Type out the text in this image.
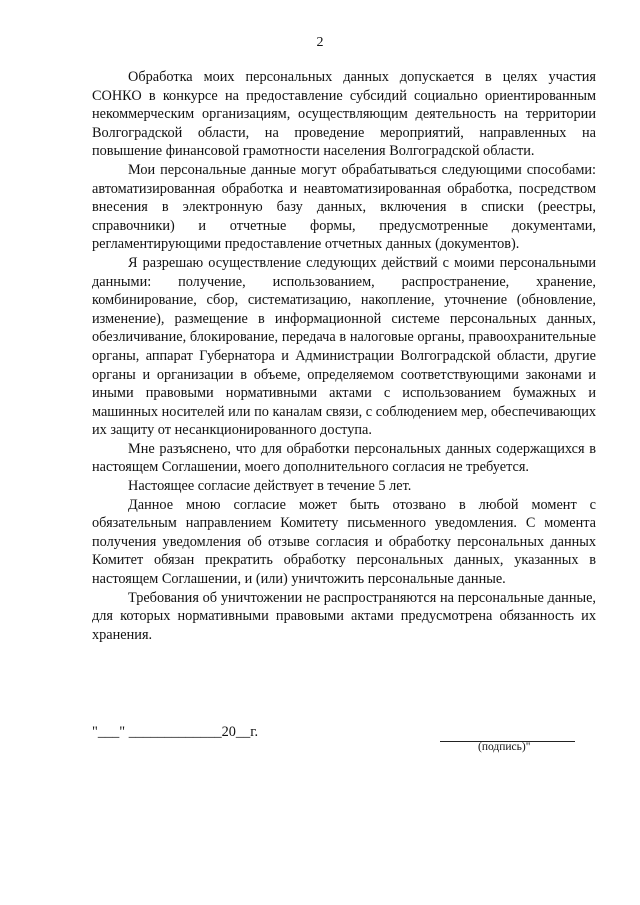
2

Обработка моих персональных данных допускается в целях участия СОНКО в конкурсе на предоставление субсидий социально ориентированным некоммерческим организациям, осуществляющим деятельность на территории Волгоградской области, на проведение мероприятий, направленных на повышение финансовой грамотности населения Волгоградской области.

Мои персональные данные могут обрабатываться следующими способами: автоматизированная обработка и неавтоматизированная обработка, посредством внесения в электронную базу данных, включения в списки (реестры, справочники) и отчетные формы, предусмотренные документами, регламентирующими предоставление отчетных данных (документов).

Я разрешаю осуществление следующих действий с моими персональными данными: получение, использованием, распространение, хранение, комбинирование, сбор, систематизацию, накопление, уточнение (обновление, изменение), размещение в информационной системе персональных данных, обезличивание, блокирование, передача в налоговые органы, правоохранительные органы, аппарат Губернатора и Администрации Волгоградской области, другие органы и организации в объеме, определяемом соответствующими законами и иными правовыми нормативными актами с использованием бумажных и машинных носителей или по каналам связи, с соблюдением мер, обеспечивающих их защиту от несанкционированного доступа.

Мне разъяснено, что для обработки персональных данных содержащихся в настоящем Соглашении, моего дополнительного согласия не требуется.

Настоящее согласие действует в течение 5 лет.

Данное мною согласие может быть отозвано в любой момент с обязательным направлением Комитету письменного уведомления. С момента получения уведомления об отзыве согласия и обработку персональных данных Комитет обязан прекратить обработку персональных данных, указанных в настоящем Соглашении, и (или) уничтожить персональные данные.

Требования об уничтожении не распространяются на персональные данные, для которых нормативными правовыми актами предусмотрена обязанность их хранения.

"___" _____________20__г.
(подпись)"
